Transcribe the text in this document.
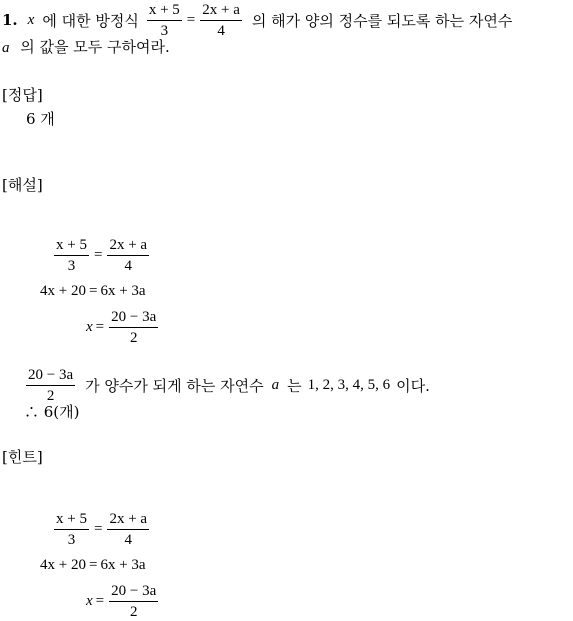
1. x 에 대한 방정식 $\frac{x + 5}{3} = \frac{2x + a}{4}$ 의 해가 양의 정수를 되도록 하는 자연수
a 의 값을 모두 구하여라.
[정답]
6 개
[해설]
$\frac{x + 5}{3} = \frac{2x + a}{4}$
4x + 20 = 6x + 3a
$x = \frac{20 - 3a}{2}$
$\frac{20 - 3a}{2}$ 가 양수가 되게 하는 자연수 a 는 1, 2, 3, 4, 5, 6 이다.
∴ 6(개)
[힌트]
$\frac{x + 5}{3} = \frac{2x + a}{4}$
4x + 20 = 6x + 3a
$x = \frac{20 - 3a}{2}$
